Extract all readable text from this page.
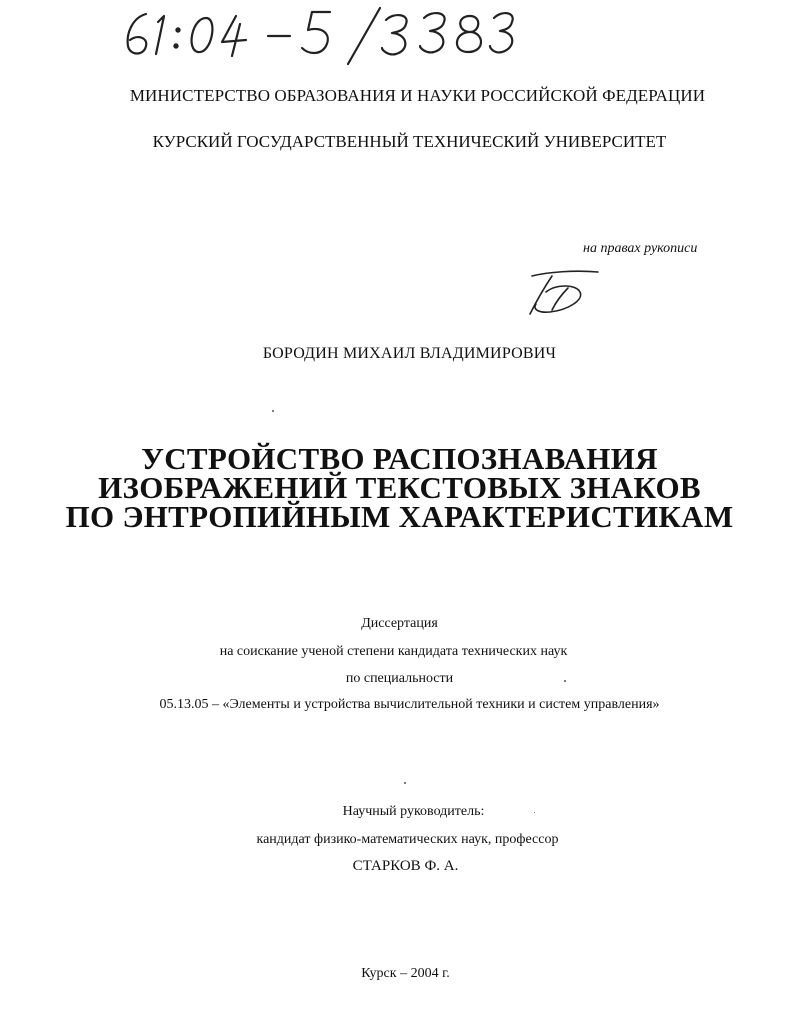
МИНИСТЕРСТВО ОБРАЗОВАНИЯ И НАУКИ РОССИЙСКОЙ ФЕДЕРАЦИИ
КУРСКИЙ ГОСУДАРСТВЕННЫЙ ТЕХНИЧЕСКИЙ УНИВЕРСИТЕТ
на правах рукописи
БОРОДИН МИХАИЛ ВЛАДИМИРОВИЧ
УСТРОЙСТВО РАСПОЗНАВАНИЯ
ИЗОБРАЖЕНИЙ ТЕКСТОВЫХ ЗНАКОВ
ПО ЭНТРОПИЙНЫМ ХАРАКТЕРИСТИКАМ
Диссертация
на соискание ученой степени кандидата технических наук
по специальности
05.13.05 – «Элементы и устройства вычислительной техники и систем управления»
Научный руководитель:
кандидат физико-математических наук, профессор
СТАРКОВ Ф. А.
Курск – 2004 г.
